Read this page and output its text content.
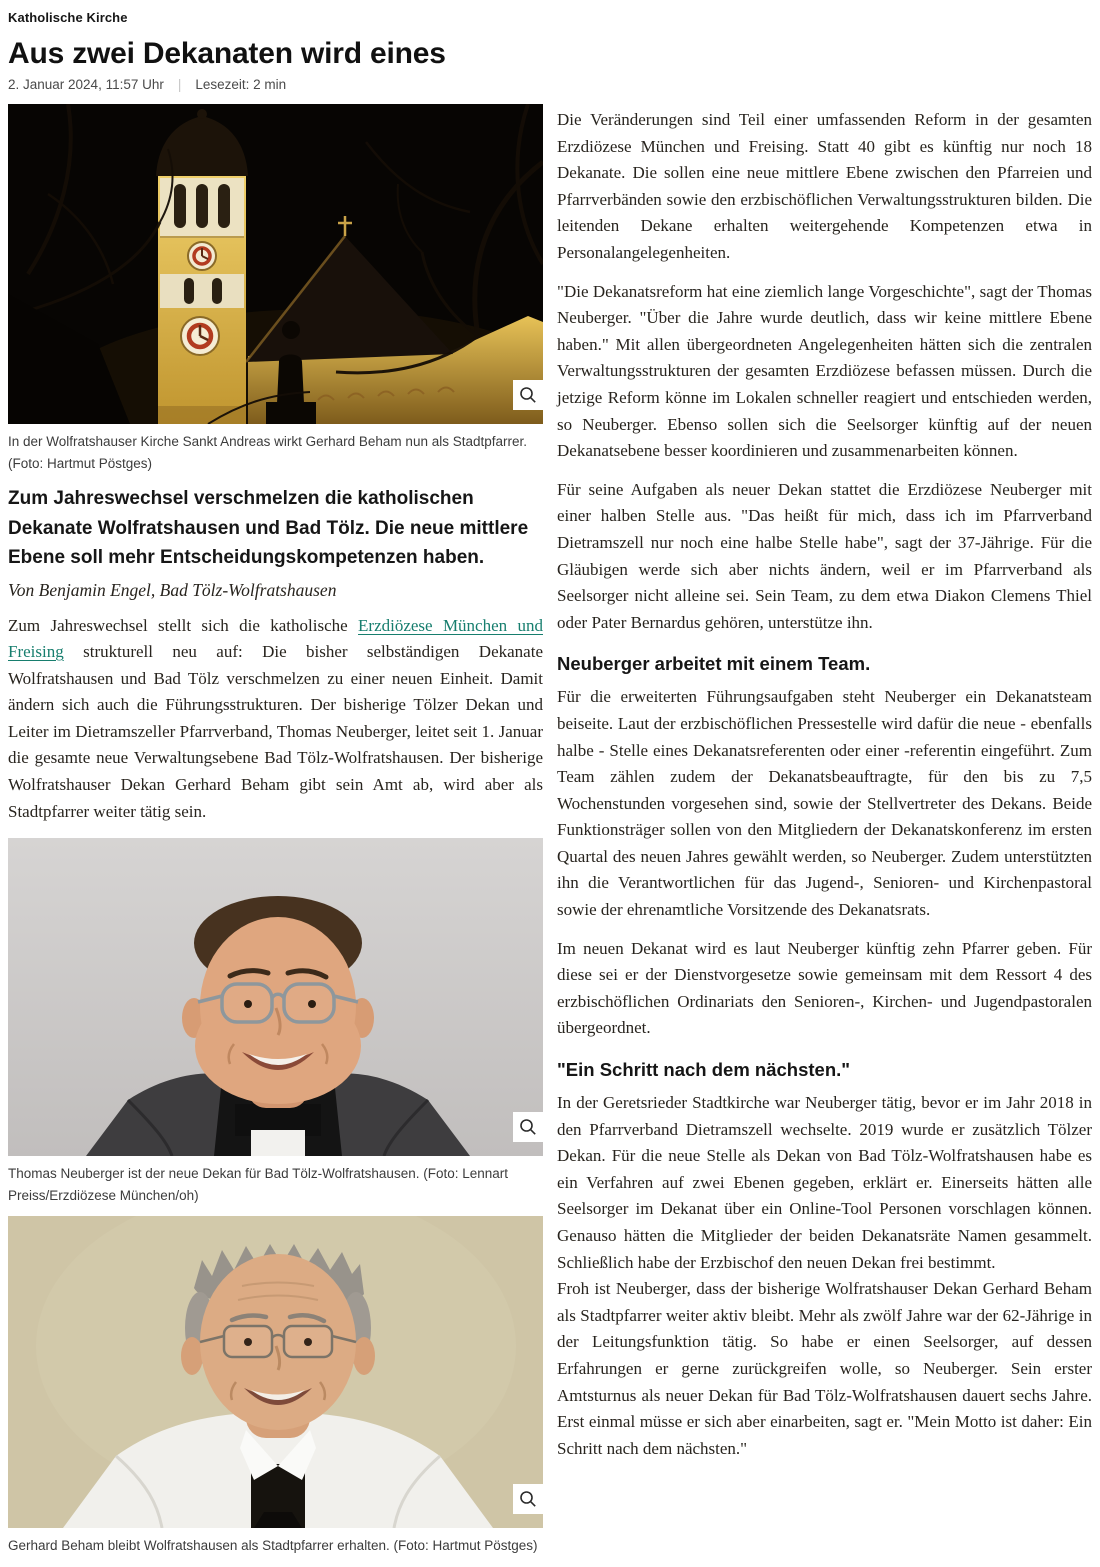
Katholische Kirche
Aus zwei Dekanaten wird eines
2. Januar 2024, 11:57 Uhr | Lesezeit: 2 min
In der Wolfratshauser Kirche Sankt Andreas wirkt Gerhard Beham nun als Stadtpfarrer. (Foto: Hartmut Pöstges)

Zum Jahreswechsel verschmelzen die katholischen Dekanate Wolfratshausen und Bad Tölz. Die neue mittlere Ebene soll mehr Entscheidungskompetenzen haben.

Von Benjamin Engel, Bad Tölz-Wolfratshausen

Zum Jahreswechsel stellt sich die katholische Erzdiözese München und Freising strukturell neu auf: Die bisher selbständigen Dekanate Wolfratshausen und Bad Tölz verschmelzen zu einer neuen Einheit. Damit ändern sich auch die Führungsstrukturen. Der bisherige Tölzer Dekan und Leiter im Dietramszeller Pfarrverband, Thomas Neuberger, leitet seit 1. Januar die gesamte neue Verwaltungsebene Bad Tölz-Wolfratshausen. Der bisherige Wolfratshauser Dekan Gerhard Beham gibt sein Amt ab, wird aber als Stadtpfarrer weiter tätig sein.

Thomas Neuberger ist der neue Dekan für Bad Tölz-Wolfratshausen. (Foto: Lennart Preiss/Erzdiözese München/oh)
Gerhard Beham bleibt Wolfratshausen als Stadtpfarrer erhalten. (Foto: Hartmut Pöstges)

Die Veränderungen sind Teil einer umfassenden Reform in der gesamten Erzdiözese München und Freising. Statt 40 gibt es künftig nur noch 18 Dekanate. Die sollen eine neue mittlere Ebene zwischen den Pfarreien und Pfarrverbänden sowie den erzbischöflichen Verwaltungsstrukturen bilden. Die leitenden Dekane erhalten weitergehende Kompetenzen etwa in Personalangelegenheiten.

"Die Dekanatsreform hat eine ziemlich lange Vorgeschichte", sagt der Thomas Neuberger. "Über die Jahre wurde deutlich, dass wir keine mittlere Ebene haben." Mit allen übergeordneten Angelegenheiten hätten sich die zentralen Verwaltungsstrukturen der gesamten Erzdiözese befassen müssen. Durch die jetzige Reform könne im Lokalen schneller reagiert und entschieden werden, so Neuberger. Ebenso sollen sich die Seelsorger künftig auf der neuen Dekanatsebene besser koordinieren und zusammenarbeiten können.

Für seine Aufgaben als neuer Dekan stattet die Erzdiözese Neuberger mit einer halben Stelle aus. "Das heißt für mich, dass ich im Pfarrverband Dietramszell nur noch eine halbe Stelle habe", sagt der 37-Jährige. Für die Gläubigen werde sich aber nichts ändern, weil er im Pfarrverband als Seelsorger nicht alleine sei. Sein Team, zu dem etwa Diakon Clemens Thiel oder Pater Bernardus gehören, unterstütze ihn.

Neuberger arbeitet mit einem Team.

Für die erweiterten Führungsaufgaben steht Neuberger ein Dekanatsteam beiseite. Laut der erzbischöflichen Pressestelle wird dafür die neue - ebenfalls halbe - Stelle eines Dekanatsreferenten oder einer -referentin eingeführt. Zum Team zählen zudem der Dekanatsbeauftragte, für den bis zu 7,5 Wochenstunden vorgesehen sind, sowie der Stellvertreter des Dekans. Beide Funktionsträger sollen von den Mitgliedern der Dekanatskonferenz im ersten Quartal des neuen Jahres gewählt werden, so Neuberger. Zudem unterstützten ihn die Verantwortlichen für das Jugend-, Senioren- und Kirchenpastoral sowie der ehrenamtliche Vorsitzende des Dekanatsrats.

Im neuen Dekanat wird es laut Neuberger künftig zehn Pfarrer geben. Für diese sei er der Dienstvorgesetze sowie gemeinsam mit dem Ressort 4 des erzbischöflichen Ordinariats den Senioren-, Kirchen- und Jugendpastoralen übergeordnet.

"Ein Schritt nach dem nächsten."

In der Geretsrieder Stadtkirche war Neuberger tätig, bevor er im Jahr 2018 in den Pfarrverband Dietramszell wechselte. 2019 wurde er zusätzlich Tölzer Dekan. Für die neue Stelle als Dekan von Bad Tölz-Wolfratshausen habe es ein Verfahren auf zwei Ebenen gegeben, erklärt er. Einerseits hätten alle Seelsorger im Dekanat über ein Online-Tool Personen vorschlagen können. Genauso hätten die Mitglieder der beiden Dekanatsräte Namen gesammelt. Schließlich habe der Erzbischof den neuen Dekan frei bestimmt.

Froh ist Neuberger, dass der bisherige Wolfratshauser Dekan Gerhard Beham als Stadtpfarrer weiter aktiv bleibt. Mehr als zwölf Jahre war der 62-Jährige in der Leitungsfunktion tätig. So habe er einen Seelsorger, auf dessen Erfahrungen er gerne zurückgreifen wolle, so Neuberger. Sein erster Amtsturnus als neuer Dekan für Bad Tölz-Wolfratshausen dauert sechs Jahre. Erst einmal müsse er sich aber einarbeiten, sagt er. "Mein Motto ist daher: Ein Schritt nach dem nächsten."
